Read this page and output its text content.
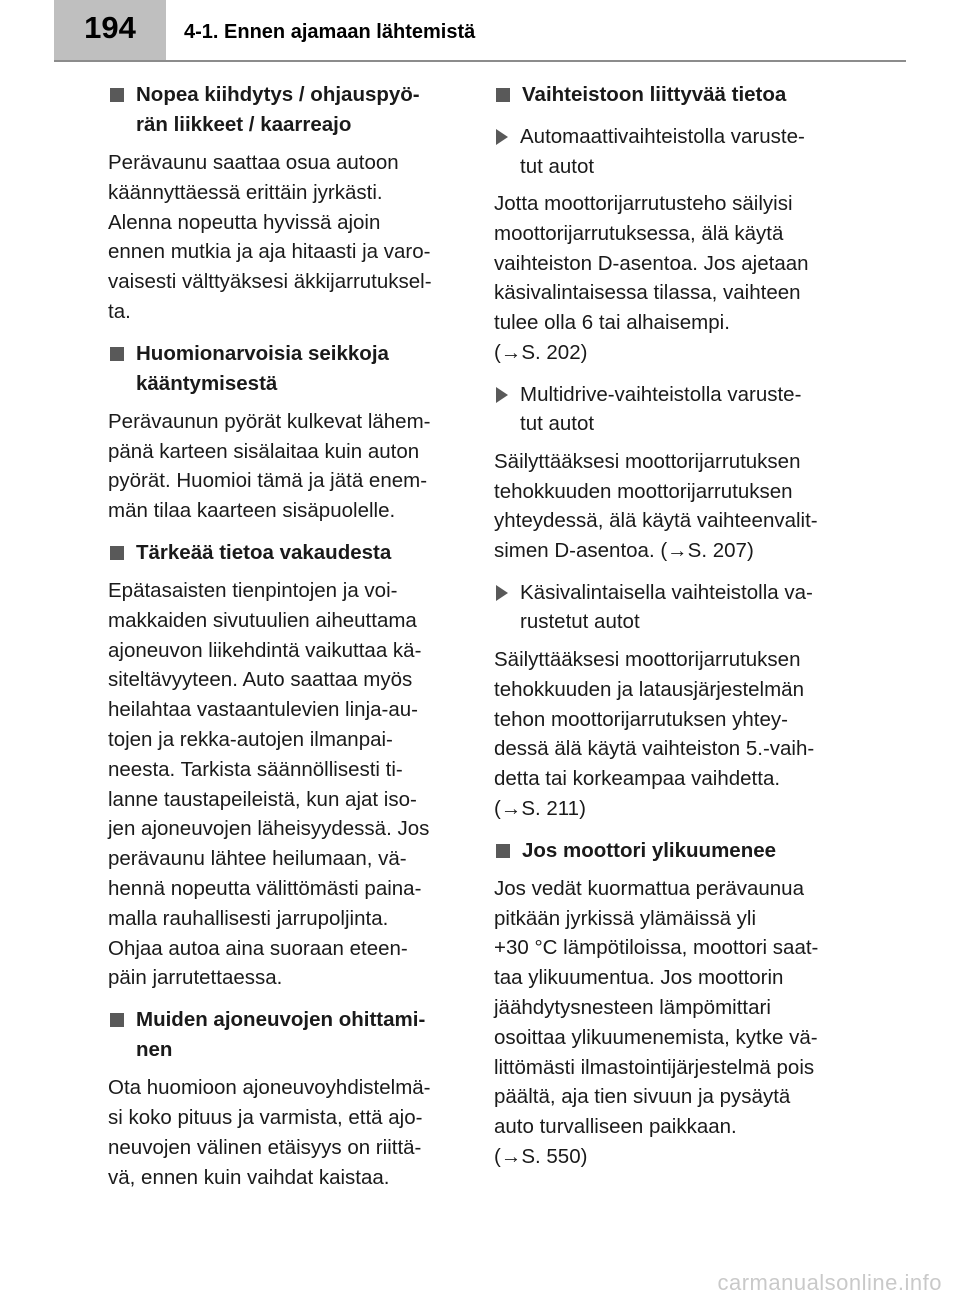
194	4-1. Ennen ajamaan lähtemistä
Nopea kiihdytys / ohjauspyö-
rän liikkeet / kaarreajo
Perävaunu saattaa osua autoon
käännyttäessä erittäin jyrkästi.
Alenna nopeutta hyvissä ajoin
ennen mutkia ja aja hitaasti ja varo-
vaisesti välttyäksesi äkkijarrutuksel-
ta.
Huomionarvoisia seikkoja
kääntymisestä
Perävaunun pyörät kulkevat lähem-
pänä karteen sisälaitaa kuin auton
pyörät. Huomioi tämä ja jätä enem-
män tilaa kaarteen sisäpuolelle.
Tärkeää tietoa vakaudesta
Epätasaisten tienpintojen ja voi-
makkaiden sivutuulien aiheuttama
ajoneuvon liikehdintä vaikuttaa kä-
siteltävyyteen. Auto saattaa myös
heilahtaa vastaantulevien linja-au-
tojen ja rekka-autojen ilmanpai-
neesta. Tarkista säännöllisesti ti-
lanne taustapeileistä, kun ajat iso-
jen ajoneuvojen läheisyydessä. Jos
perävaunu lähtee heilumaan, vä-
hennä nopeutta välittömästi paina-
malla rauhallisesti jarrupoljinta.
Ohjaa autoa aina suoraan eteen-
päin jarrutettaessa.
Muiden ajoneuvojen ohittami-
nen
Ota huomioon ajoneuvoyhdistelmä-
si koko pituus ja varmista, että ajo-
neuvojen välinen etäisyys on riittä-
vä, ennen kuin vaihdat kaistaa.
Vaihteistoon liittyvää tietoa
Automaattivaihteistolla varuste-
tut autot
Jotta moottorijarrutusteho säilyisi
moottorijarrutuksessa, älä käytä
vaihteiston D-asentoa. Jos ajetaan
käsivalintaisessa tilassa, vaihteen
tulee olla 6 tai alhaisempi.
(→S. 202)
Multidrive-vaihteistolla varuste-
tut autot
Säilyttääksesi moottorijarrutuksen
tehokkuuden moottorijarrutuksen
yhteydessä, älä käytä vaihteenvalit-
simen D-asentoa. (→S. 207)
Käsivalintaisella vaihteistolla va-
rustetut autot
Säilyttääksesi moottorijarrutuksen
tehokkuuden ja latausjärjestelmän
tehon moottorijarrutuksen yhtey-
dessä älä käytä vaihteiston 5.-vaih-
detta tai korkeampaa vaihdetta.
(→S. 211)
Jos moottori ylikuumenee
Jos vedät kuormattua perävaunua
pitkään jyrkissä ylämäissä yli
+30 °C lämpötiloissa, moottori saat-
taa ylikuumentua. Jos moottorin
jäähdytysnesteen lämpömittari
osoittaa ylikuumenemista, kytke vä-
littömästi ilmastointijärjestelmä pois
päältä, aja tien sivuun ja pysäytä
auto turvalliseen paikkaan.
(→S. 550)
carmanualsonline.info
